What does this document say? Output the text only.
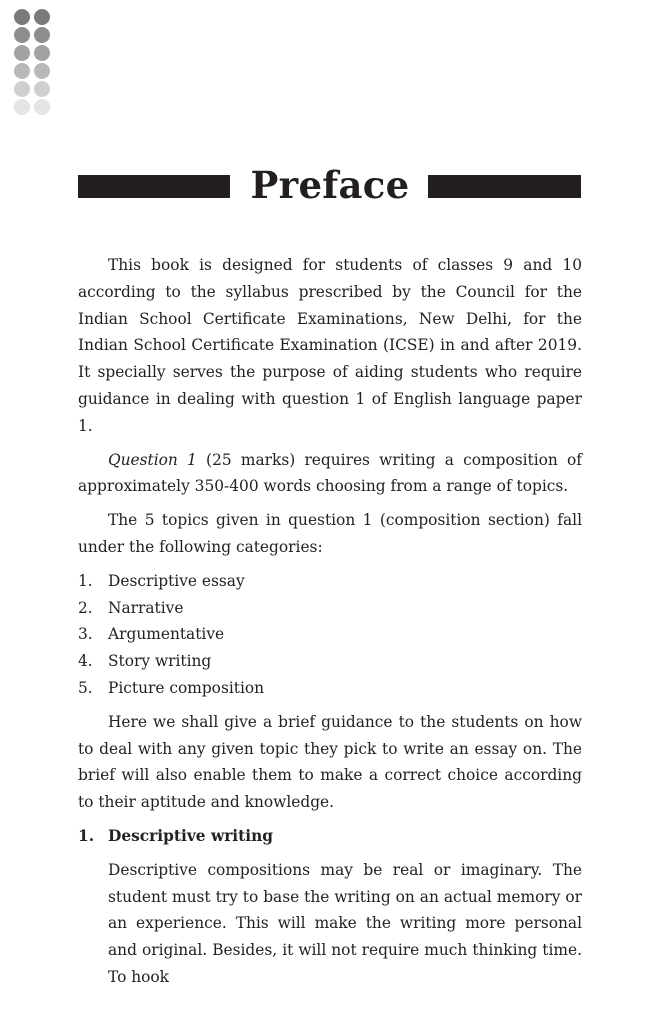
Preface

This book is designed for students of classes 9 and 10 according to the syllabus prescribed by the Council for the Indian School Certificate Examinations, New Delhi, for the Indian School Certificate Examination (ICSE) in and after 2019. It specially serves the purpose of aiding students who require guidance in dealing with question 1 of English language paper 1.

Question 1 (25 marks) requires writing a composition of approximately 350-400 words choosing from a range of topics.

The 5 topics given in question 1 (composition section) fall under the following categories:

1. Descriptive essay
2. Narrative
3. Argumentative
4. Story writing
5. Picture composition

Here we shall give a brief guidance to the students on how to deal with any given topic they pick to write an essay on. The brief will also enable them to make a correct choice according to their aptitude and knowledge.

1. Descriptive writing

Descriptive compositions may be real or imaginary. The student must try to base the writing on an actual memory or an experience. This will make the writing more personal and original. Besides, it will not require much thinking time. To hook
